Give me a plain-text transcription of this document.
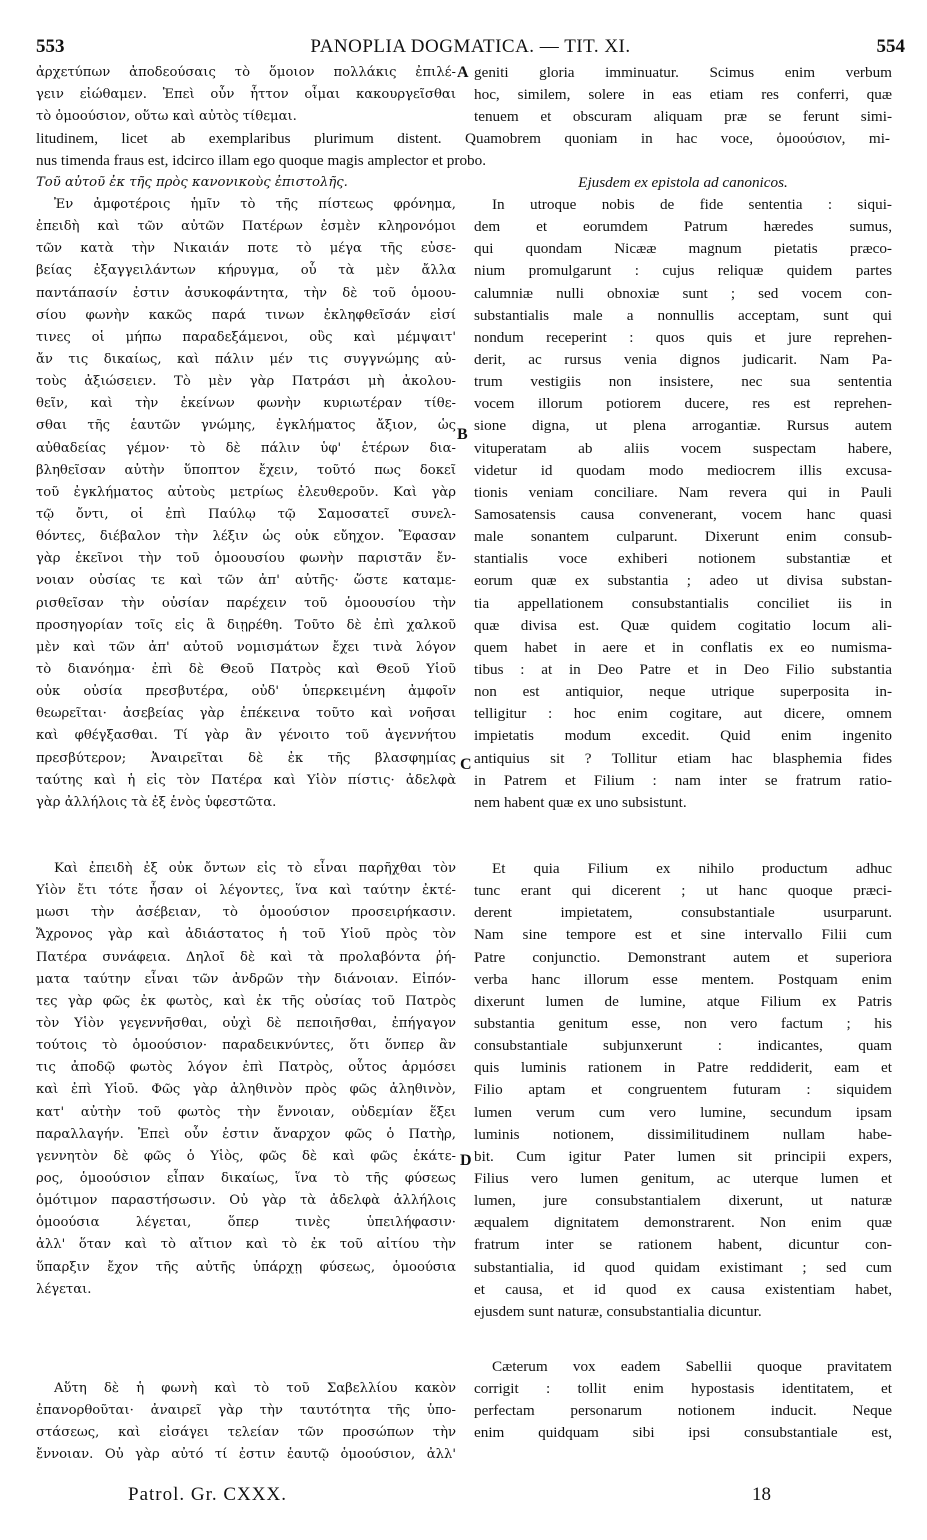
553	PANOPLIA DOGMATICA. — TIT. XI.	554
ἀρχετύπων ἀποδεούσαις τὸ ὅμοιον πολλάκις ἐπιλέ-
γειν εἰώθαμεν. Ἐπεὶ οὖν ἧττον οἶμαι κακουργεῖσθαι
τὸ ὁμοούσιον, οὕτω καὶ αὐτὸς τίθεμαι.
geniti gloria imminuatur. Scimus enim verbum
hoc, similem, solere in eas etiam res conferri, quæ
tenuem et obscuram aliquam præ se ferunt simi-
litudinem, licet ab exemplaribus plurimum distent. Quamobrem quoniam in hac voce, ὁμοούσιον, mi-
nus timenda fraus est, idcirco illam ego quoque magis amplector et probo.
Τοῦ αὐτοῦ ἐκ τῆς πρὸς κανονικοὺς ἐπιστολῆς.	Ejusdem ex epistola ad canonicos.
Ἐν ἀμφοτέροις ἡμῖν τὸ τῆς πίστεως φρόνημα,
ἐπειδὴ καὶ τῶν αὐτῶν Πατέρων ἐσμὲν κληρονόμοι
τῶν κατὰ τὴν Νικαιάν ποτε τὸ μέγα τῆς εὐσε-
βείας ἐξαγγειλάντων κήρυγμα, οὗ τὰ μὲν ἄλλα
παντάπασίν ἐστιν ἀσυκοφάντητα, τὴν δὲ τοῦ ὁμοου-
σίου φωνὴν κακῶς παρά τινων ἐκληφθεῖσάν εἰσί
τινες οἱ μήπω παραδεξάμενοι, οὓς καὶ μέμψαιτ'
ἄν τις δικαίως, καὶ πάλιν μέν τις συγγνώμης αὐ-
τοὺς ἀξιώσειεν. Τὸ μὲν γὰρ Πατράσι μὴ ἀκολου-
θεῖν, καὶ τὴν ἐκείνων φωνὴν κυριωτέραν τίθε-
σθαι τῆς ἑαυτῶν γνώμης, ἐγκλήματος ἄξιον, ὡς
αὐθαδείας γέμον· τὸ δὲ πάλιν ὑφ' ἑτέρων δια-
βληθεῖσαν αὐτὴν ὕποπτον ἔχειν, τοῦτό πως δοκεῖ
τοῦ ἐγκλήματος αὐτοὺς μετρίως ἐλευθεροῦν. Καὶ γὰρ
τῷ ὄντι, οἱ ἐπὶ Παύλῳ τῷ Σαμοσατεῖ συνελ-
θόντες, διέβαλον τὴν λέξιν ὡς οὐκ εὔηχον. Ἔφασαν
γὰρ ἐκεῖνοι τὴν τοῦ ὁμοουσίου φωνὴν παριστᾶν ἔν-
νοιαν οὐσίας τε καὶ τῶν ἀπ' αὐτῆς· ὥστε καταμε-
ρισθεῖσαν τὴν οὐσίαν παρέχειν τοῦ ὁμοουσίου τὴν
προσηγορίαν τοῖς εἰς ἃ διῃρέθη. Τοῦτο δὲ ἐπὶ χαλκοῦ
μὲν καὶ τῶν ἀπ' αὐτοῦ νομισμάτων ἔχει τινὰ λόγον
τὸ διανόημα· ἐπὶ δὲ Θεοῦ Πατρὸς καὶ Θεοῦ Υἱοῦ
οὐκ οὐσία πρεσβυτέρα, οὐδ' ὑπερκειμένη ἀμφοῖν
θεωρεῖται· ἀσεβείας γὰρ ἐπέκεινα τοῦτο καὶ νοῆσαι
καὶ φθέγξασθαι. Τί γὰρ ἂν γένοιτο τοῦ ἀγεννήτου
πρεσβύτερον; Ἀναιρεῖται δὲ ἐκ τῆς βλασφημίας
ταύτης καὶ ἡ εἰς τὸν Πατέρα καὶ Υἱὸν πίστις· ἀδελφὰ
γὰρ ἀλλήλοις τὰ ἐξ ἑνὸς ὑφεστῶτα.
Καὶ ἐπειδὴ ἐξ οὐκ ὄντων εἰς τὸ εἶναι παρῆχθαι τὸν
Υἱὸν ἔτι τότε ἦσαν οἱ λέγοντες, ἵνα καὶ ταύτην ἐκτέ-
μωσι τὴν ἀσέβειαν, τὸ ὁμοούσιον προσειρήκασιν.
Ἄχρονος γὰρ καὶ ἀδιάστατος ἡ τοῦ Υἱοῦ πρὸς τὸν
Πατέρα συνάφεια. Δηλοῖ δὲ καὶ τὰ προλαβόντα ῥή-
ματα ταύτην εἶναι τῶν ἀνδρῶν τὴν διάνοιαν. Εἰπόν-
τες γὰρ φῶς ἐκ φωτὸς, καὶ ἐκ τῆς οὐσίας τοῦ Πατρὸς
τὸν Υἱὸν γεγεννῆσθαι, οὐχὶ δὲ πεποιῆσθαι, ἐπήγαγον
τούτοις τὸ ὁμοούσιον· παραδεικνύντες, ὅτι ὅνπερ ἂν
τις ἀποδῷ φωτὸς λόγον ἐπὶ Πατρὸς, οὗτος ἁρμόσει
καὶ ἐπὶ Υἱοῦ. Φῶς γὰρ ἀληθινὸν πρὸς φῶς ἀληθινὸν,
κατ' αὐτὴν τοῦ φωτὸς τὴν ἔννοιαν, οὐδεμίαν ἕξει
παραλλαγήν. Ἐπεὶ οὖν ἐστιν ἄναρχον φῶς ὁ Πατὴρ,
γεννητὸν δὲ φῶς ὁ Υἱὸς, φῶς δὲ καὶ φῶς ἑκάτε-
ρος, ὁμοούσιον εἶπαν δικαίως, ἵνα τὸ τῆς φύσεως
ὁμότιμον παραστήσωσιν. Οὐ γὰρ τὰ ἀδελφὰ ἀλλήλοις
ὁμοούσια λέγεται, ὅπερ τινὲς ὑπειλήφασιν·
ἀλλ' ὅταν καὶ τὸ αἴτιον καὶ τὸ ἐκ τοῦ αἰτίου τὴν
ὕπαρξιν ἔχον τῆς αὐτῆς ὑπάρχῃ φύσεως, ὁμοούσια
λέγεται.
Αὕτη δὲ ἡ φωνὴ καὶ τὸ τοῦ Σαβελλίου κακὸν
ἐπανορθοῦται· ἀναιρεῖ γὰρ τὴν ταυτότητα τῆς ὑπο-
στάσεως, καὶ εἰσάγει τελείαν τῶν προσώπων τὴν
ἔννοιαν. Οὐ γὰρ αὐτό τί ἐστιν ἑαυτῷ ὁμοούσιον, ἀλλ'
In utroque nobis de fide sententia : siqui-
dem et eorumdem Patrum hæredes sumus,
qui quondam Nicææ magnum pietatis præco-
nium promulgarunt : cujus reliquæ quidem partes
calumniæ nulli obnoxiæ sunt ; sed vocem con-
substantialis male a nonnullis acceptam, sunt qui
nondum receperint : quos quis et jure reprehen-
derit, ac rursus venia dignos judicarit. Nam Pa-
trum vestigiis non insistere, nec sua sententia
vocem illorum potiorem ducere, res est reprehen-
sione digna, ut plena arrogantiæ. Rursus autem
vituperatam ab aliis vocem suspectam habere,
videtur id quodam modo mediocrem illis excusa-
tionis veniam conciliare. Nam revera qui in Pauli
Samosatensis causa convenerant, vocem hanc quasi
male sonantem culparunt. Dixerunt enim consub-
stantialis voce exhiberi notionem substantiæ et
eorum quæ ex substantia ; adeo ut divisa substan-
tia appellationem consubstantialis conciliet iis in
quæ divisa est. Quæ quidem cogitatio locum ali-
quem habet in aere et in conflatis ex eo numisma-
tibus : at in Deo Patre et in Deo Filio substantia
non est antiquior, neque utrique superposita in-
telligitur : hoc enim cogitare, aut dicere, omnem
impietatis modum excedit. Quid enim ingenito
antiquius sit ? Tollitur etiam hac blasphemia fides
in Patrem et Filium : nam inter se fratrum ratio-
nem habent quæ ex uno subsistunt.
Et quia Filium ex nihilo productum adhuc
tunc erant qui dicerent ; ut hanc quoque præci-
derent impietatem, consubstantiale usurparunt.
Nam sine tempore est et sine intervallo Filii cum
Patre conjunctio. Demonstrant autem et superiora
verba hanc illorum esse mentem. Postquam enim
dixerunt lumen de lumine, atque Filium ex Patris
substantia genitum esse, non vero factum ; his
consubstantiale subjunxerunt : indicantes, quam
quis luminis rationem in Patre reddiderit, eam et
Filio aptam et congruentem futuram : siquidem
lumen verum cum vero lumine, secundum ipsam
luminis notionem, dissimilitudinem nullam habe-
bit. Cum igitur Pater lumen sit principii expers,
Filius vero lumen genitum, ac uterque lumen et
lumen, jure consubstantialem dixerunt, ut naturæ
æqualem dignitatem demonstrarent. Non enim quæ
fratrum inter se rationem habent, dicuntur con-
substantialia, id quod quidam existimant ; sed cum
et causa, et id quod ex causa existentiam habet,
ejusdem sunt naturæ, consubstantialia dicuntur.
Cæterum vox eadem Sabellii quoque pravitatem
corrigit : tollit enim hypostasis identitatem, et
perfectam personarum notionem inducit. Neque
enim quidquam sibi ipsi consubstantiale est,
A
B
C
D
Patrol. Gr. CXXX.	18
